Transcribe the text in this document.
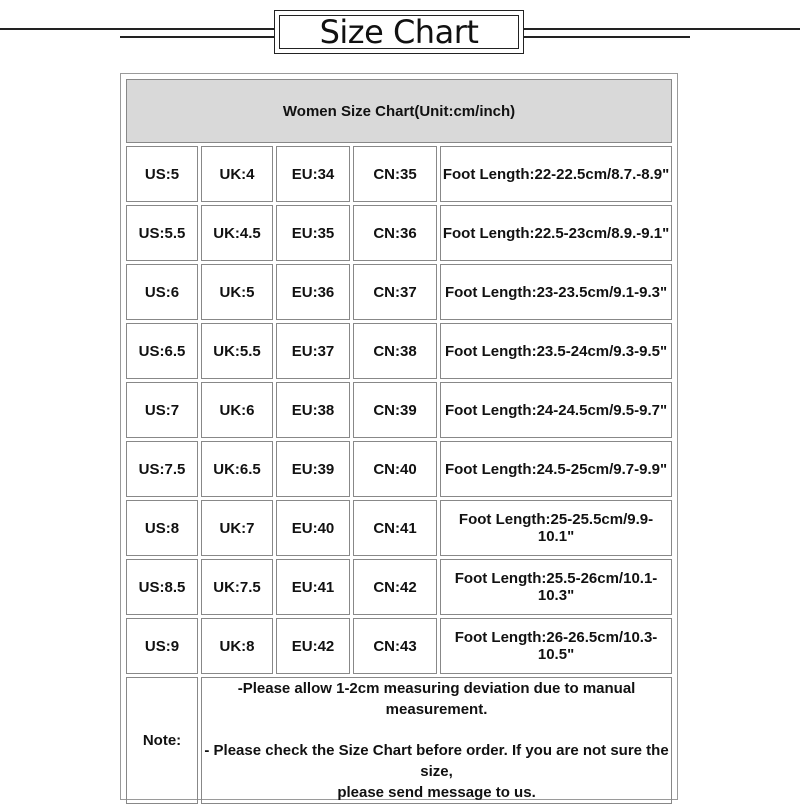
Size Chart
Women Size Chart(Unit:cm/inch)				
US:5	UK:4	EU:34	CN:35	Foot Length:22-22.5cm/8.7.-8.9"
US:5.5	UK:4.5	EU:35	CN:36	Foot Length:22.5-23cm/8.9.-9.1"
US:6	UK:5	EU:36	CN:37	Foot Length:23-23.5cm/9.1-9.3"
US:6.5	UK:5.5	EU:37	CN:38	Foot Length:23.5-24cm/9.3-9.5"
US:7	UK:6	EU:38	CN:39	Foot Length:24-24.5cm/9.5-9.7"
US:7.5	UK:6.5	EU:39	CN:40	Foot Length:24.5-25cm/9.7-9.9"
US:8	UK:7	EU:40	CN:41	Foot Length:25-25.5cm/9.9-10.1"
US:8.5	UK:7.5	EU:41	CN:42	Foot Length:25.5-26cm/10.1-10.3"
US:9	UK:8	EU:42	CN:43	Foot Length:26-26.5cm/10.3-10.5"
Note:	-Please allow 1-2cm measuring deviation due to manual measurement.
- Please check the Size Chart before order. If you are not sure the size,
please send message to us.			
